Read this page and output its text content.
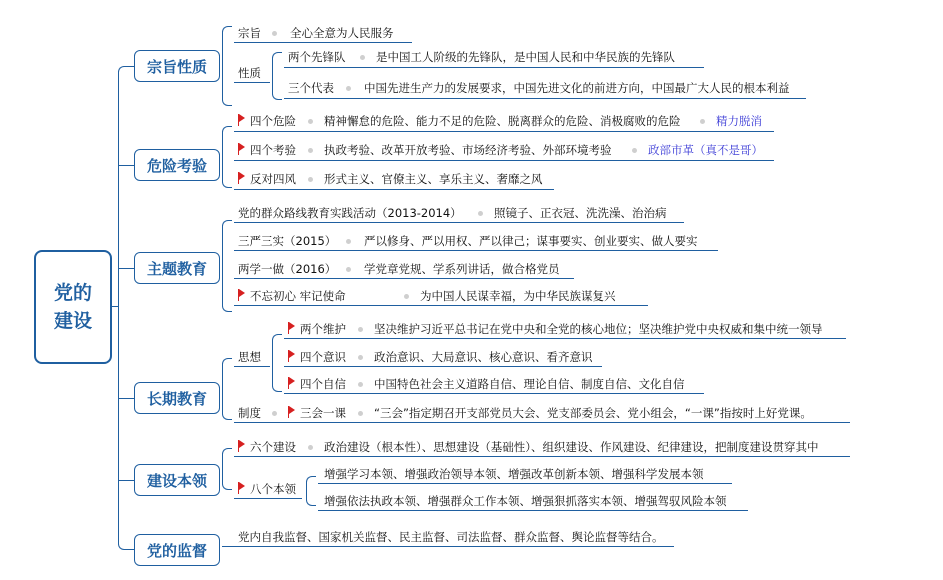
党的
建设
宗旨性质
危险考验
主题教育
长期教育
建设本领
党的监督
宗旨	全心全意为人民服务
性质
两个先锋队	是中国工人阶级的先锋队，是中国人民和中华民族的先锋队
三个代表	中国先进生产力的发展要求，中国先进文化的前进方向，中国最广大人民的根本利益
四个危险 精神懈怠的危险、能力不足的危险、脱离群众的危险、消极腐败的危险	精力脱消
四个考验 执政考验、改革开放考验、市场经济考验、外部环境考验	政部市革（真不是哥）
反对四风 形式主义、官僚主义、享乐主义、奢靡之风
党的群众路线教育实践活动（2013-2014）	照镜子、正衣冠、洗洗澡、治治病
三严三实（2015） 严以修身、严以用权、严以律己；谋事要实、创业要实、做人要实
两学一做（2016） 学党章党规、学系列讲话，做合格党员
不忘初心 牢记使命	为中国人民谋幸福，为中华民族谋复兴
思想
两个维护 坚决维护习近平总书记在党中央和全党的核心地位；坚决维护党中央权威和集中统一领导
四个意识 政治意识、大局意识、核心意识、看齐意识
四个自信 中国特色社会主义道路自信、理论自信、制度自信、文化自信
制度	三会一课 “三会”指定期召开支部党员大会、党支部委员会、党小组会，“一课”指按时上好党课。
六个建设 政治建设（根本性）、思想建设（基础性）、组织建设、作风建设、纪律建设，把制度建设贯穿其中
八个本领
增强学习本领、增强政治领导本领、增强改革创新本领、增强科学发展本领
增强依法执政本领、增强群众工作本领、增强狠抓落实本领、增强驾驭风险本领
党内自我监督、国家机关监督、民主监督、司法监督、群众监督、舆论监督等结合。
